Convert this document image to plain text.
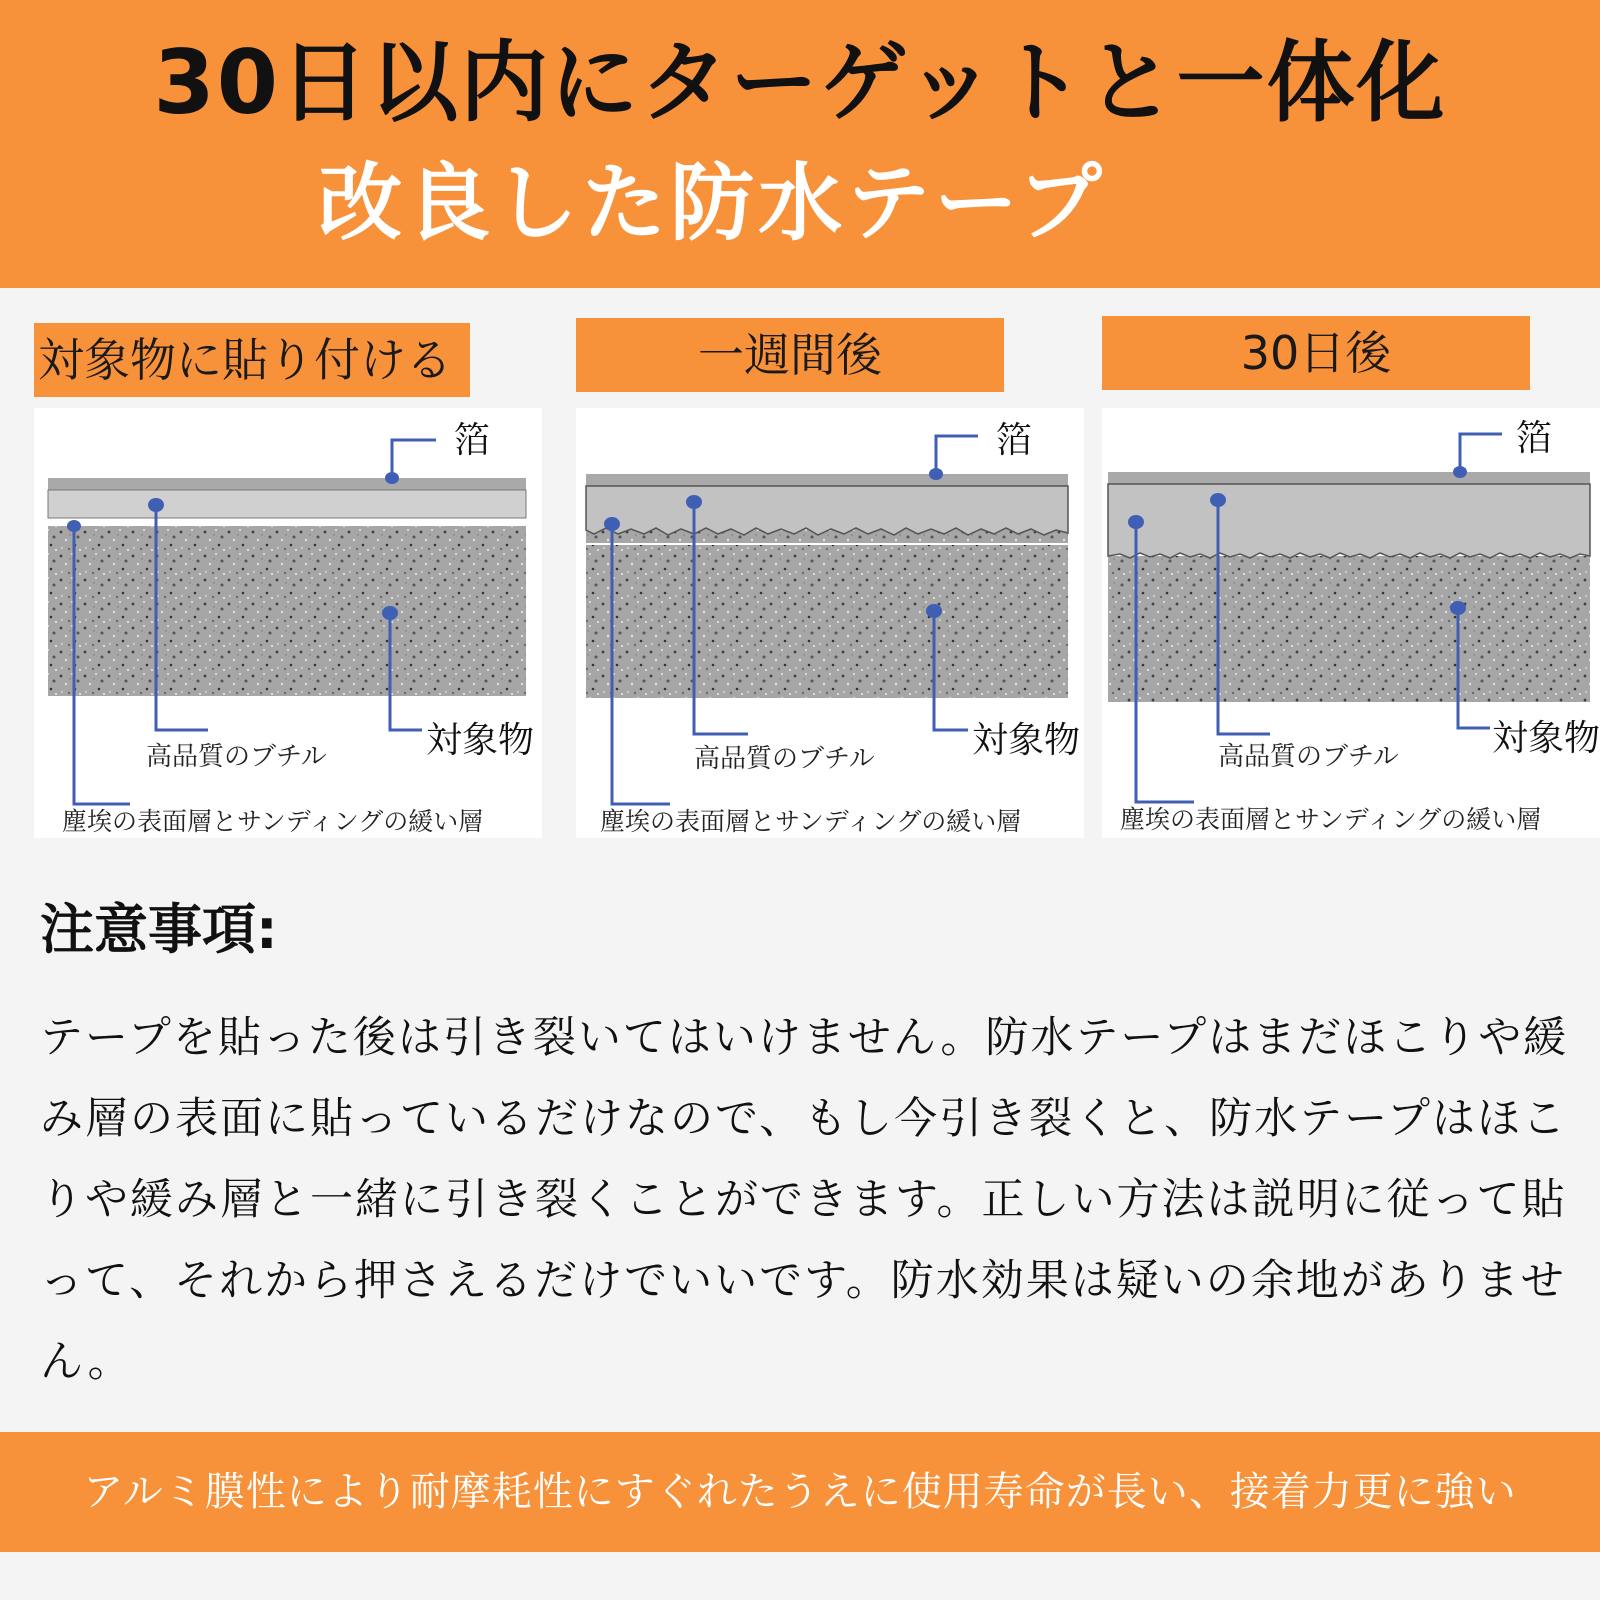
30日以内にターゲットと一体化
改良した防水テープ
対象物に貼り付ける	一週間後	30日後
箔
対象物
高品質のブチル
塵埃の表面層とサンディングの緩い層
箔
対象物
高品質のブチル
塵埃の表面層とサンディングの緩い層
箔
対象物
高品質のブチル
塵埃の表面層とサンディングの緩い層
注意事項:

テープを貼った後は引き裂いてはいけません。防水テープはまだほこりや緩み層の表面に貼っているだけなので、もし今引き裂くと、防水テープはほこりや緩み層と一緒に引き裂くことができます。正しい方法は説明に従って貼って、それから押さえるだけでいいです。防水効果は疑いの余地がありません。

アルミ膜性により耐摩耗性にすぐれたうえに使用寿命が長い、接着力更に強い
